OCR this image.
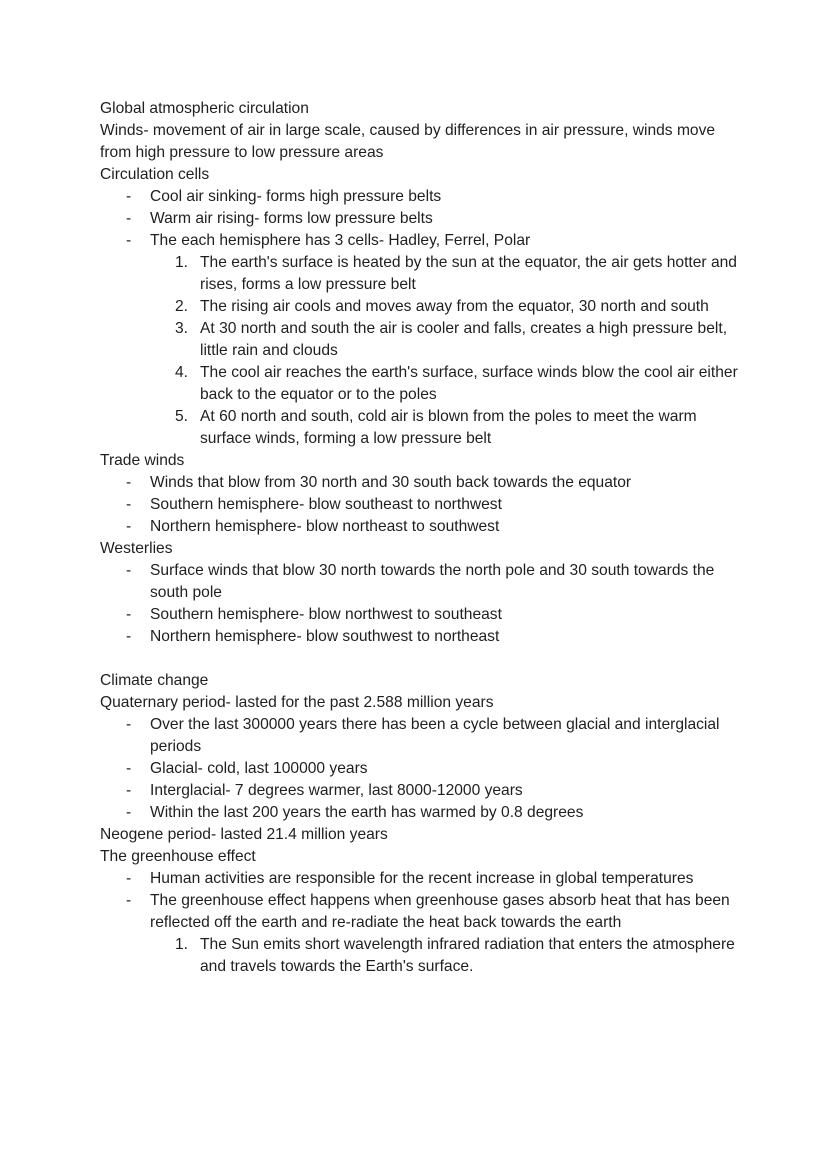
Global atmospheric circulation

Winds- movement of air in large scale, caused by differences in air pressure, winds move from high pressure to low pressure areas

Circulation cells

- Cool air sinking- forms high pressure belts

- Warm air rising- forms low pressure belts

- The each hemisphere has 3 cells- Hadley, Ferrel, Polar

1. The earth's surface is heated by the sun at the equator, the air gets hotter and rises, forms a low pressure belt

2. The rising air cools and moves away from the equator, 30 north and south

3. At 30 north and south the air is cooler and falls, creates a high pressure belt, little rain and clouds

4. The cool air reaches the earth's surface, surface winds blow the cool air either back to the equator or to the poles

5. At 60 north and south, cold air is blown from the poles to meet the warm surface winds, forming a low pressure belt

Trade winds

- Winds that blow from 30 north and 30 south back towards the equator

- Southern hemisphere- blow southeast to northwest

- Northern hemisphere- blow northeast to southwest

Westerlies

- Surface winds that blow 30 north towards the north pole and 30 south towards the south pole

- Southern hemisphere- blow northwest to southeast

- Northern hemisphere- blow southwest to northeast

Climate change

Quaternary period- lasted for the past 2.588 million years

- Over the last 300000 years there has been a cycle between glacial and interglacial periods

- Glacial- cold, last 100000 years

- Interglacial- 7 degrees warmer, last 8000-12000 years

- Within the last 200 years the earth has warmed by 0.8 degrees

Neogene period- lasted 21.4 million years

The greenhouse effect

- Human activities are responsible for the recent increase in global temperatures

- The greenhouse effect happens when greenhouse gases absorb heat that has been reflected off the earth and re-radiate the heat back towards the earth

1. The Sun emits short wavelength infrared radiation that enters the atmosphere and travels towards the Earth's surface.
